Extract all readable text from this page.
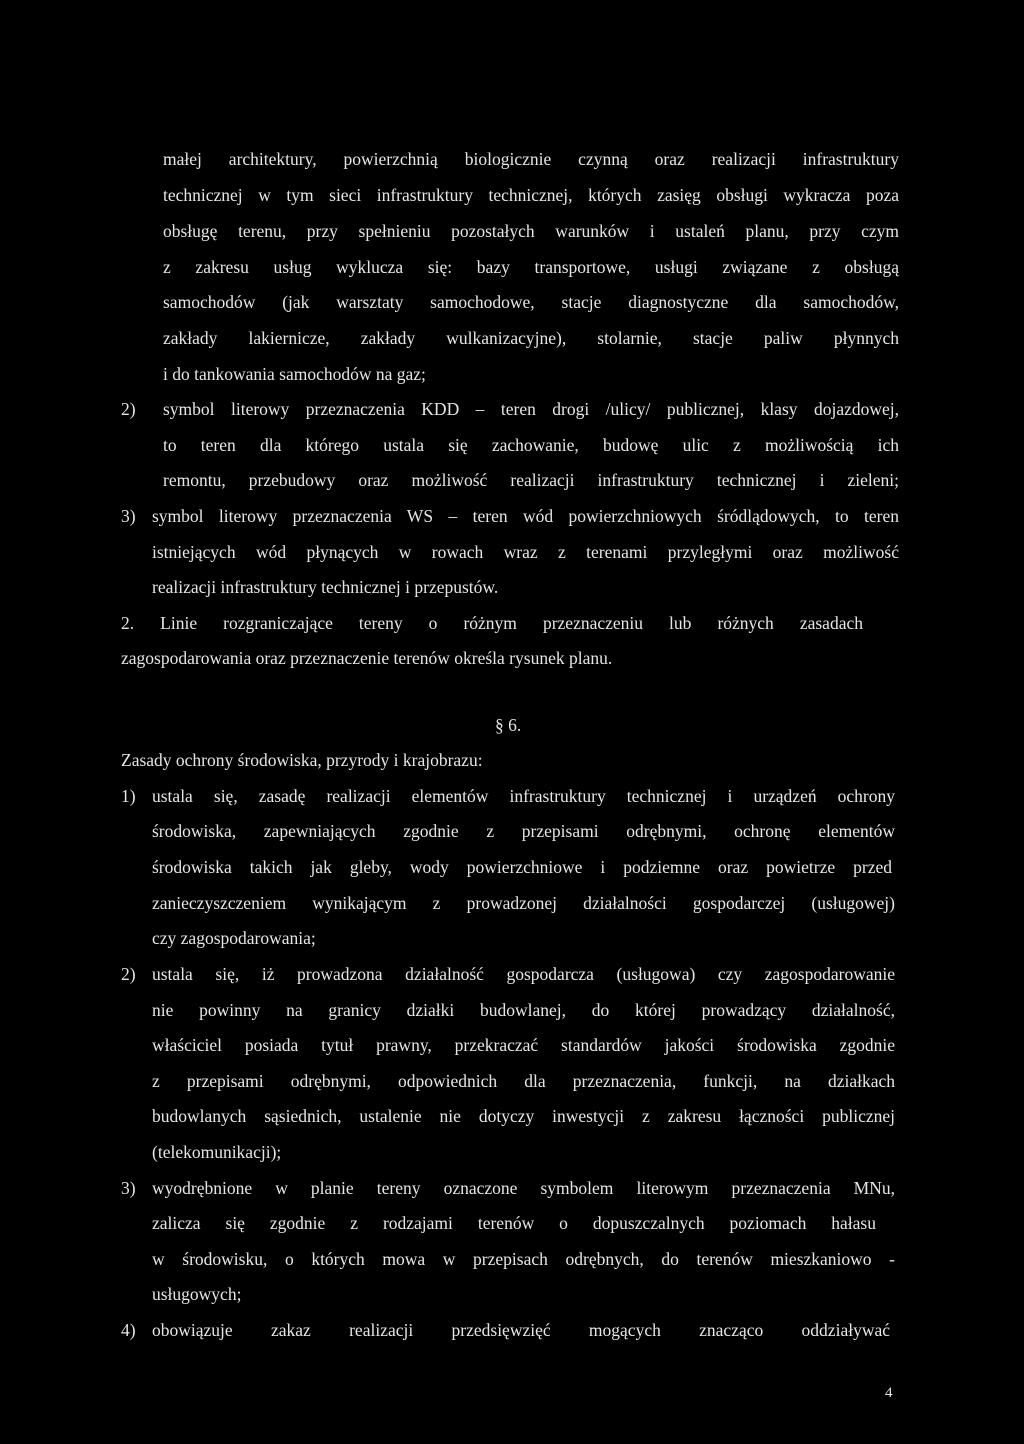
małej architektury, powierzchnią biologicznie czynną oraz realizacji infrastruktury
technicznej w tym sieci infrastruktury technicznej, których zasięg obsługi wykracza poza
obsługę terenu, przy spełnieniu pozostałych warunków i ustaleń planu, przy czym
z zakresu usług wyklucza się: bazy transportowe, usługi związane z obsługą
samochodów (jak warsztaty samochodowe, stacje diagnostyczne dla samochodów,
zakłady lakiernicze, zakłady wulkanizacyjne), stolarnie, stacje paliw płynnych
i do tankowania samochodów na gaz;
2) symbol literowy przeznaczenia KDD – teren drogi /ulicy/ publicznej, klasy dojazdowej,
to teren dla którego ustala się zachowanie, budowę ulic z możliwością ich
remontu, przebudowy oraz możliwość realizacji infrastruktury technicznej i zieleni;
3) symbol literowy przeznaczenia WS – teren wód powierzchniowych śródlądowych, to teren
istniejących wód płynących w rowach wraz z terenami przyległymi oraz możliwość
realizacji infrastruktury technicznej i przepustów.
2. Linie rozgraniczające tereny o różnym przeznaczeniu lub różnych zasadach
zagospodarowania oraz przeznaczenie terenów określa rysunek planu.
§ 6.
Zasady ochrony środowiska, przyrody i krajobrazu:
1) ustala się, zasadę realizacji elementów infrastruktury technicznej i urządzeń ochrony
środowiska, zapewniających zgodnie z przepisami odrębnymi, ochronę elementów
środowiska takich jak gleby, wody powierzchniowe i podziemne oraz powietrze przed
zanieczyszczeniem wynikającym z prowadzonej działalności gospodarczej (usługowej)
czy zagospodarowania;
2) ustala się, iż prowadzona działalność gospodarcza (usługowa) czy zagospodarowanie
nie powinny na granicy działki budowlanej, do której prowadzący działalność,
właściciel posiada tytuł prawny, przekraczać standardów jakości środowiska zgodnie
z przepisami odrębnymi, odpowiednich dla przeznaczenia, funkcji, na działkach
budowlanych sąsiednich, ustalenie nie dotyczy inwestycji z zakresu łączności publicznej
(telekomunikacji);
3) wyodrębnione w planie tereny oznaczone symbolem literowym przeznaczenia MNu,
zalicza się zgodnie z rodzajami terenów o dopuszczalnych poziomach hałasu
w środowisku, o których mowa w przepisach odrębnych, do terenów mieszkaniowo -
usługowych;
4) obowiązuje zakaz realizacji przedsięwzięć mogących znacząco oddziaływać
4
